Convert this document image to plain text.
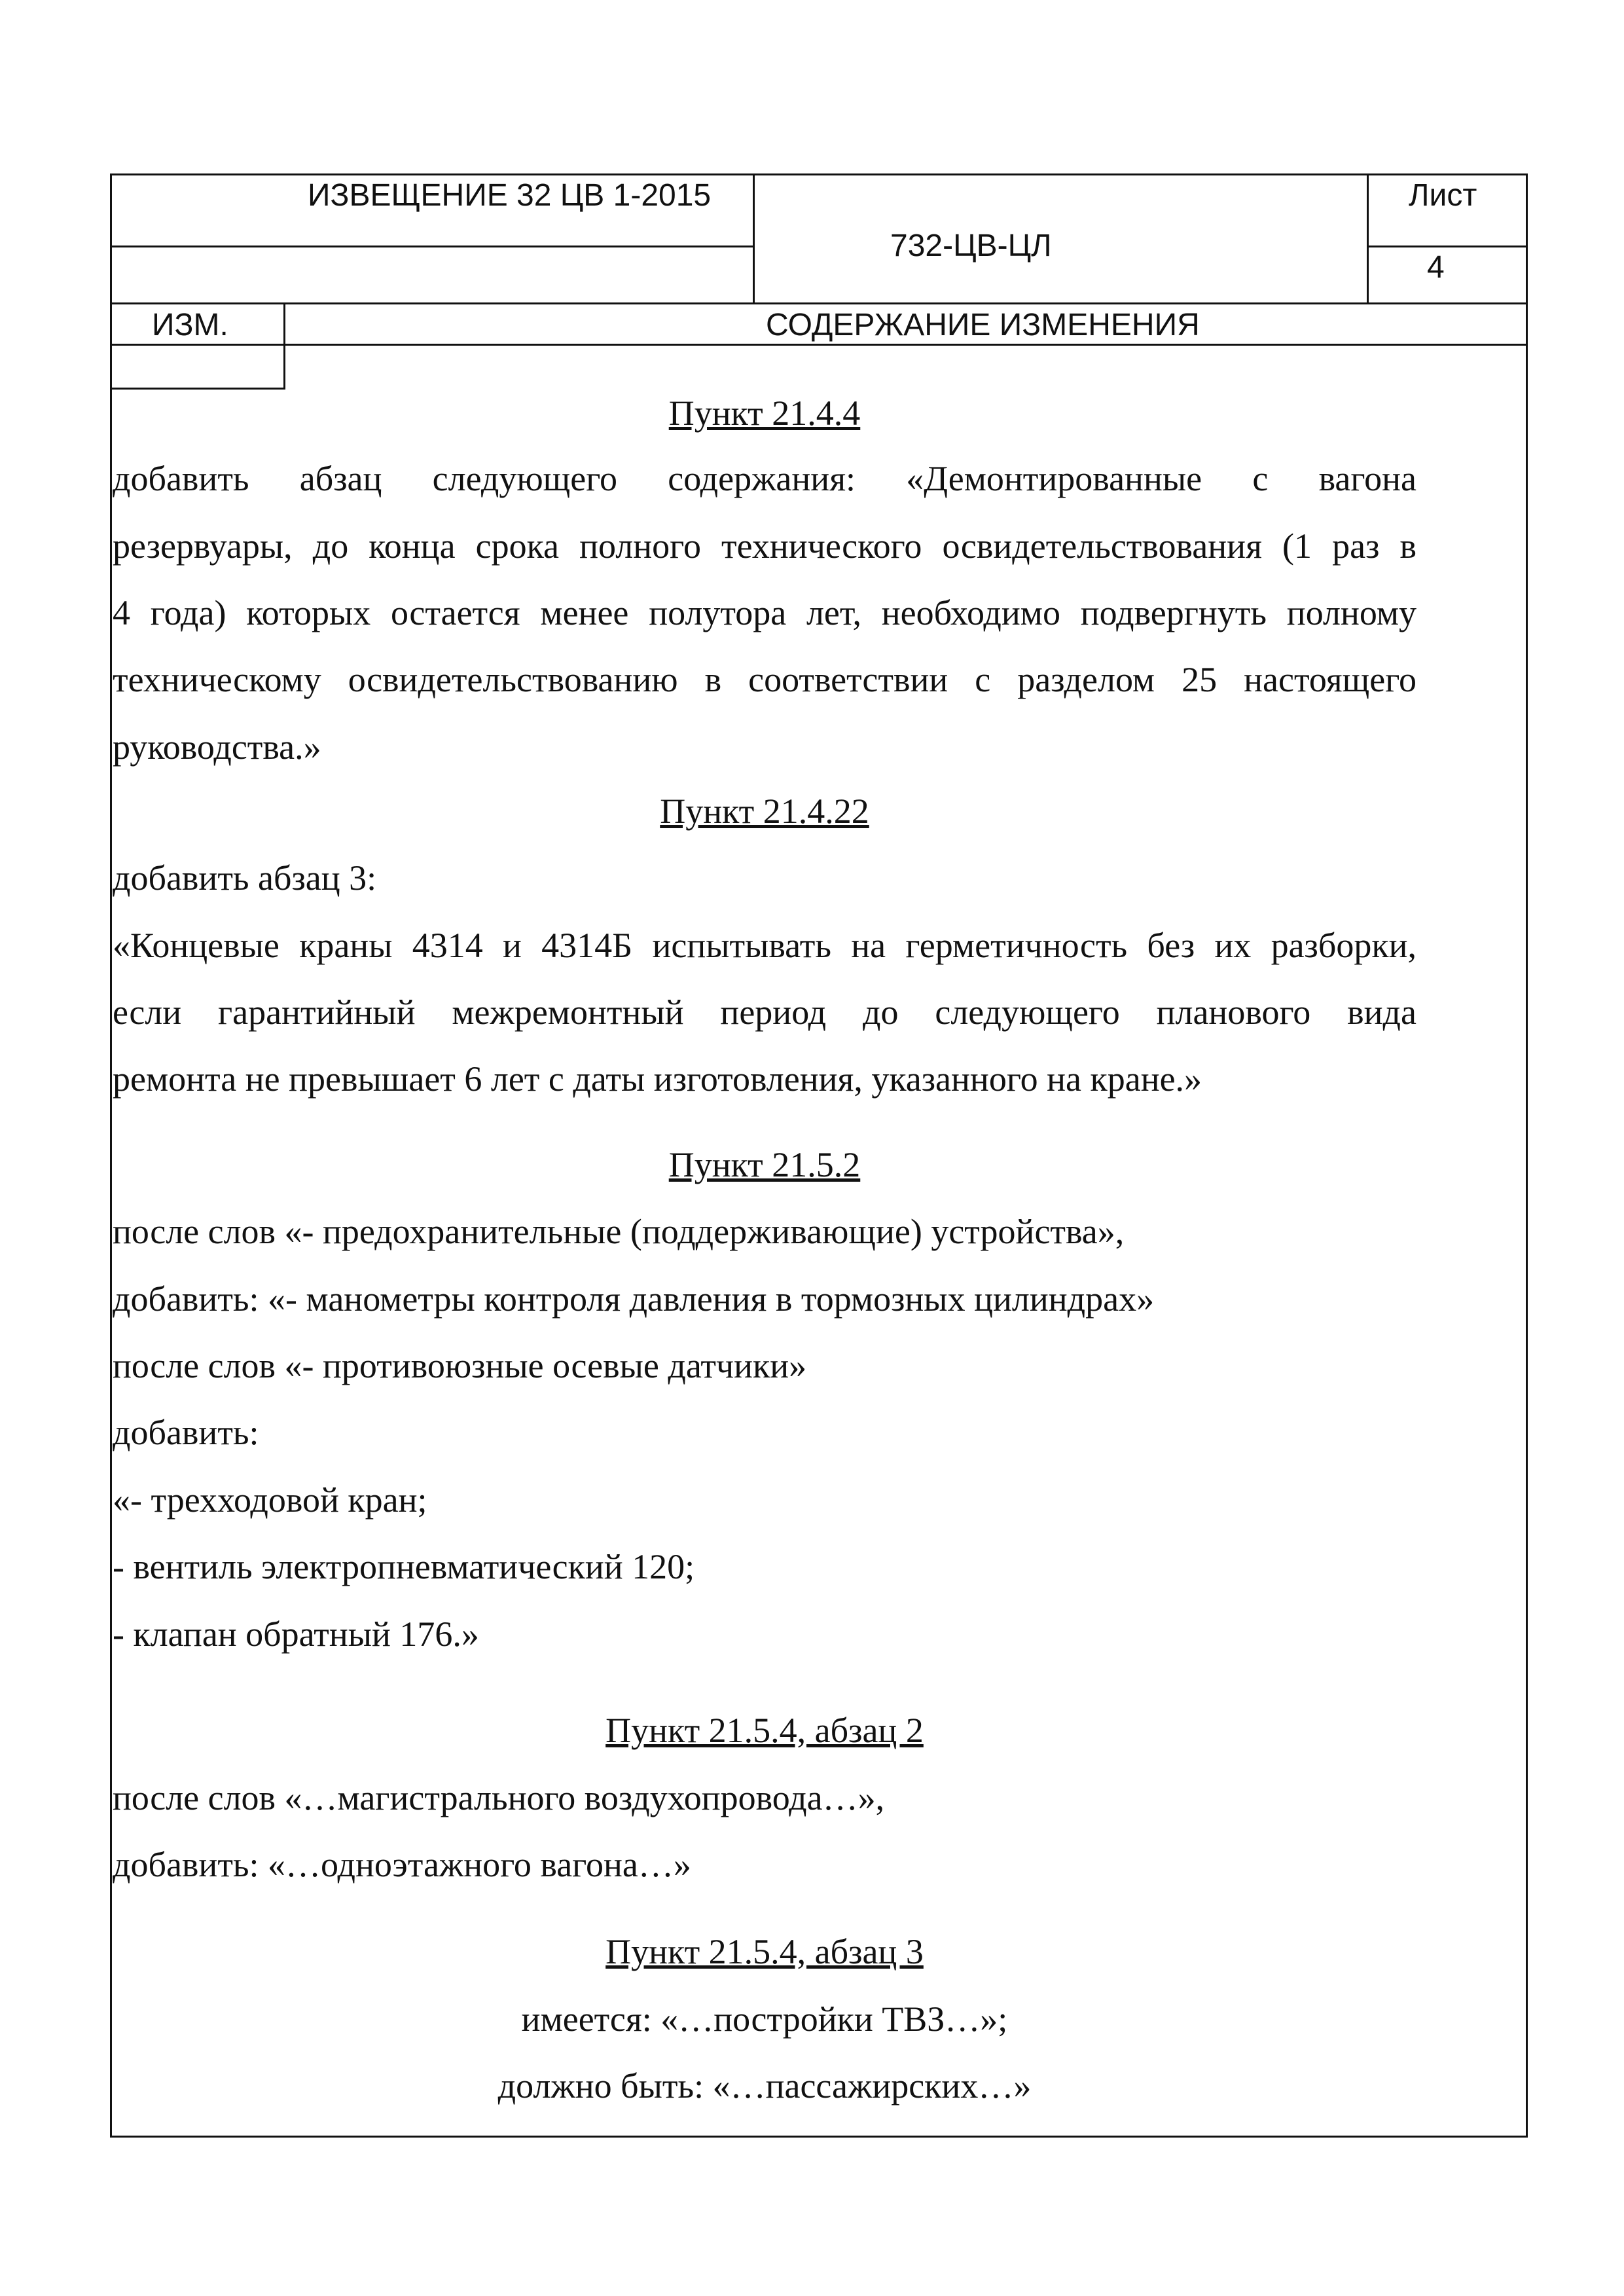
ИЗВЕЩЕНИЕ 32 ЦВ 1-2015
732-ЦВ-ЦЛ
Лист
4
ИЗМ.	СОДЕРЖАНИЕ ИЗМЕНЕНИЯ
Пункт 21.4.4
добавить абзац следующего содержания: «Демонтированные с вагона
резервуары, до конца срока полного технического освидетельствования (1 раз в
4 года) которых остается менее полутора лет, необходимо подвергнуть полному
техническому освидетельствованию в соответствии с разделом 25 настоящего
руководства.»
Пункт 21.4.22
добавить абзац 3:
«Концевые краны 4314 и 4314Б испытывать на герметичность без их разборки,
если гарантийный межремонтный период до следующего планового вида
ремонта не превышает 6 лет с даты изготовления, указанного на кране.»
Пункт 21.5.2
после слов «- предохранительные (поддерживающие) устройства»,
добавить: «- манометры контроля давления в тормозных цилиндрах»
после слов «- противоюзные осевые датчики»
добавить:
«- трехходовой кран;
- вентиль электропневматический 120;
- клапан обратный 176.»
Пункт 21.5.4, абзац 2
после слов «…магистрального воздухопровода…»,
добавить: «…одноэтажного вагона…»
Пункт 21.5.4, абзац 3
имеется: «…постройки ТВЗ…»;
должно быть: «…пассажирских…»
